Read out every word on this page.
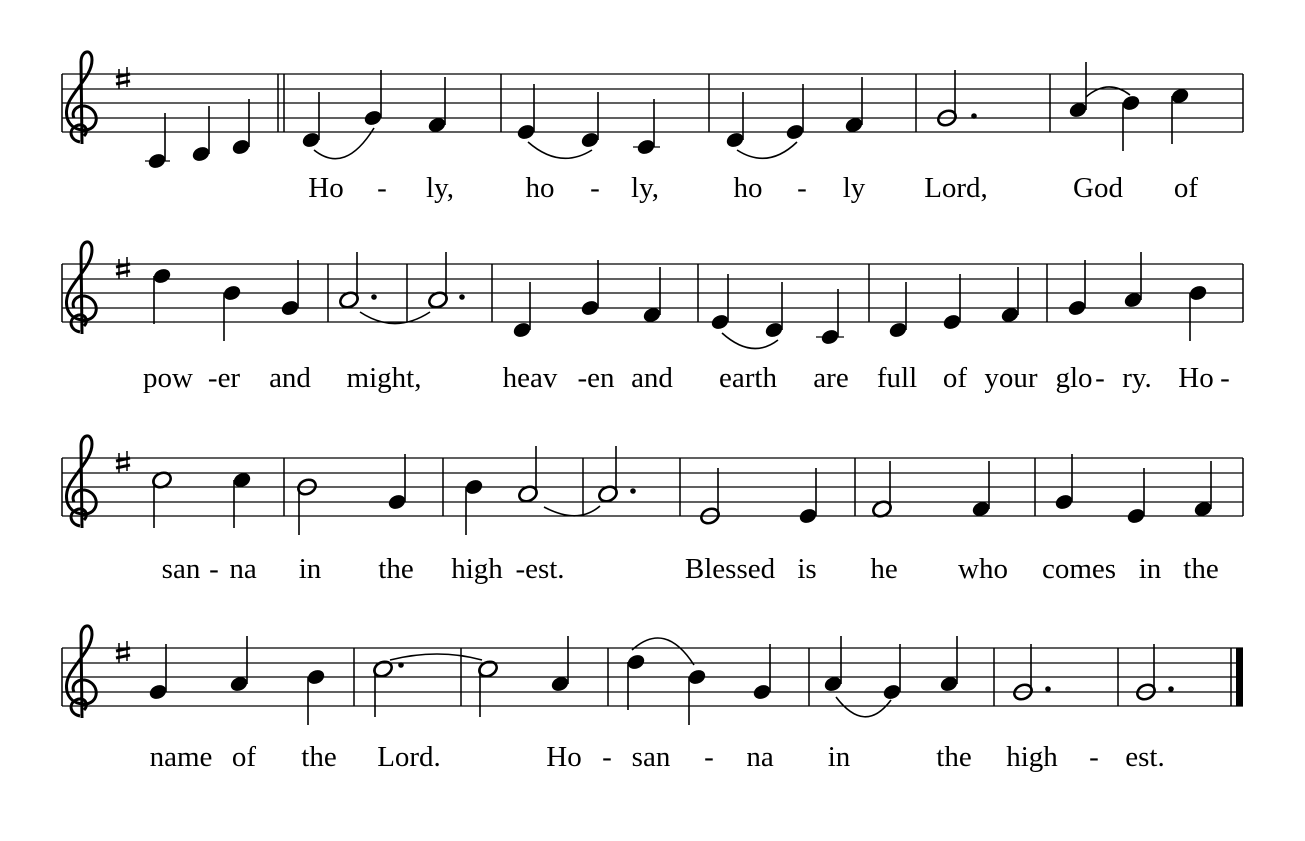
Ho - ly, ho - ly,	ho - ly Lord,	God of
pow -er and might,	heav -en and earth are full of your glo - ry. Ho -
san - na in the high -est.	Blessed is he who comes in the
name of the Lord.	Ho - san - na in	the high - est.
